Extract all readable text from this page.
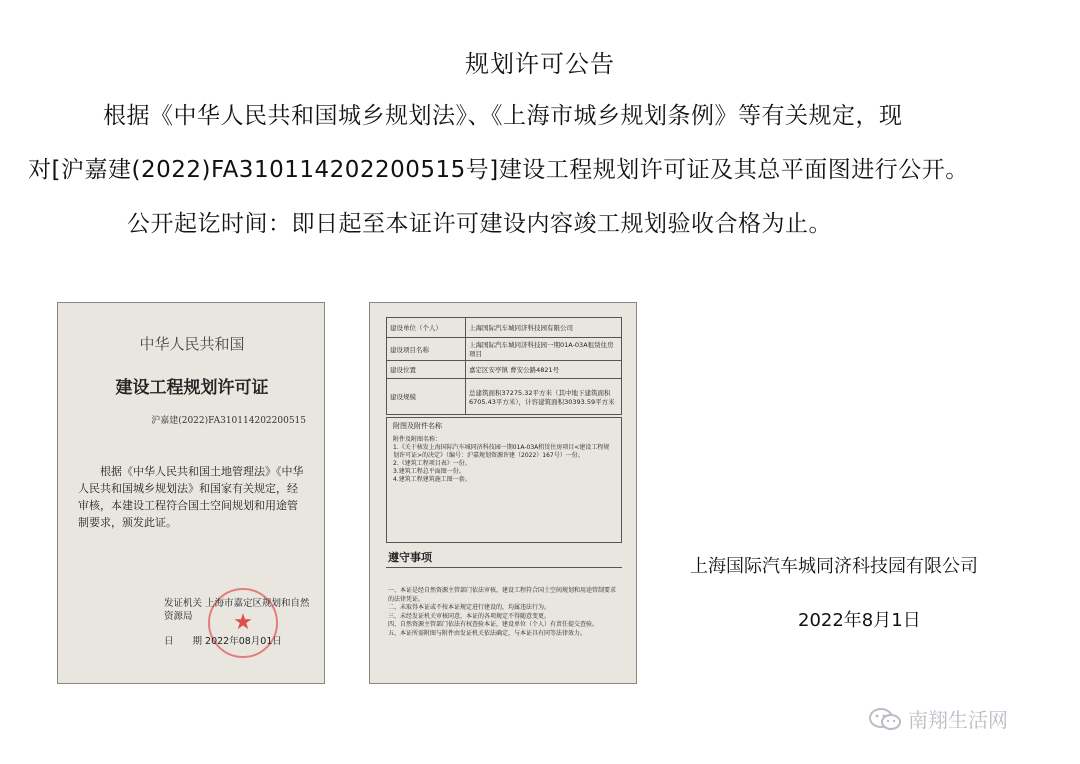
规划许可公告
根据《中华人民共和国城乡规划法》、《上海市城乡规划条例》等有关规定，现
对[沪嘉建(2022)FA310114202200515号]建设工程规划许可证及其总平面图进行公开。
公开起讫时间：即日起至本证许可建设内容竣工规划验收合格为止。
中华人民共和国
建设工程规划许可证
沪嘉建(2022)FA310114202200515
根据《中华人民共和国土地管理法》《中华人民共和国城乡规划法》和国家有关规定，经审核，本建设工程符合国土空间规划和用途管制要求，颁发此证。
★
发证机关 上海市嘉定区规划和自然资源局
日　　期 2022年08月01日
建设单位（个人）	上海国际汽车城同济科技园有限公司
建设项目名称	上海国际汽车城同济科技园一期01A-03A租赁住房项目
建设位置	嘉定区安亭镇 曹安公路4821号
建设规模	总建筑面积37275.32平方米（其中地下建筑面积6705.43平方米），计容建筑面积30393.59平方米
附图及附件名称
附件及附图名称：
1.《关于核发上海国际汽车城同济科技园一期01A-03A租赁住房项目<建设工程规划许可证>的决定》（编号：沪嘉规划资源许建（2022）167号）一份。
2.《建筑工程项目表》一份。
3.建筑工程总平面图一份。
4.建筑工程建筑施工图一套。
遵守事项
一、本证是经自然资源主管部门依法审核，建设工程符合国土空间规划和用途管制要求的法律凭证。
二、未取得本证或不按本证规定进行建设的，均属违法行为。
三、未经发证机关审核同意，本证的各项规定不得随意变更。
四、自然资源主管部门依法有权查验本证，建设单位（个人）有责任提交查验。
五、本证所需附图与附件由发证机关依法确定，与本证具有同等法律效力。
上海国际汽车城同济科技园有限公司
2022年8月1日
南翔生活网
